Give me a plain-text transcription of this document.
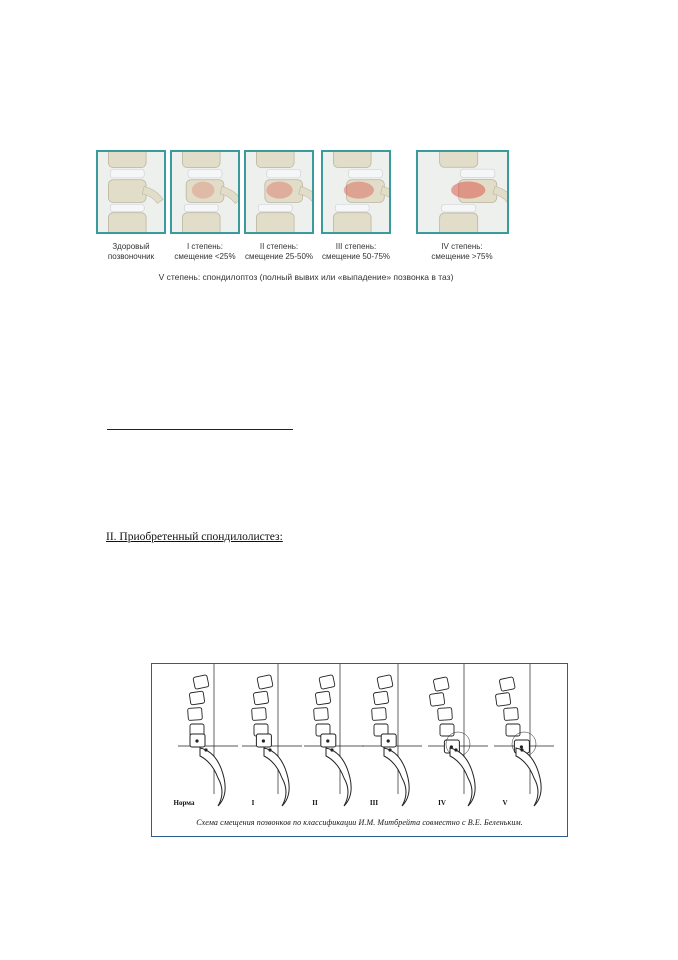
Здоровый
позвоночник
I степень:
смещение <25%
II степень:
смещение 25-50%
III степень:
смещение 50-75%
IV степень:
смещение >75%
V степень: спондилоптоз (полный вывих или «выпадение» позвонка в таз)
II. Приобретенный спондилолистез:
Норма	I	II	III	IV	V
Схема смещения позвонков по классификации И.М. Митбрейта совместно с В.Е. Беленьким.
